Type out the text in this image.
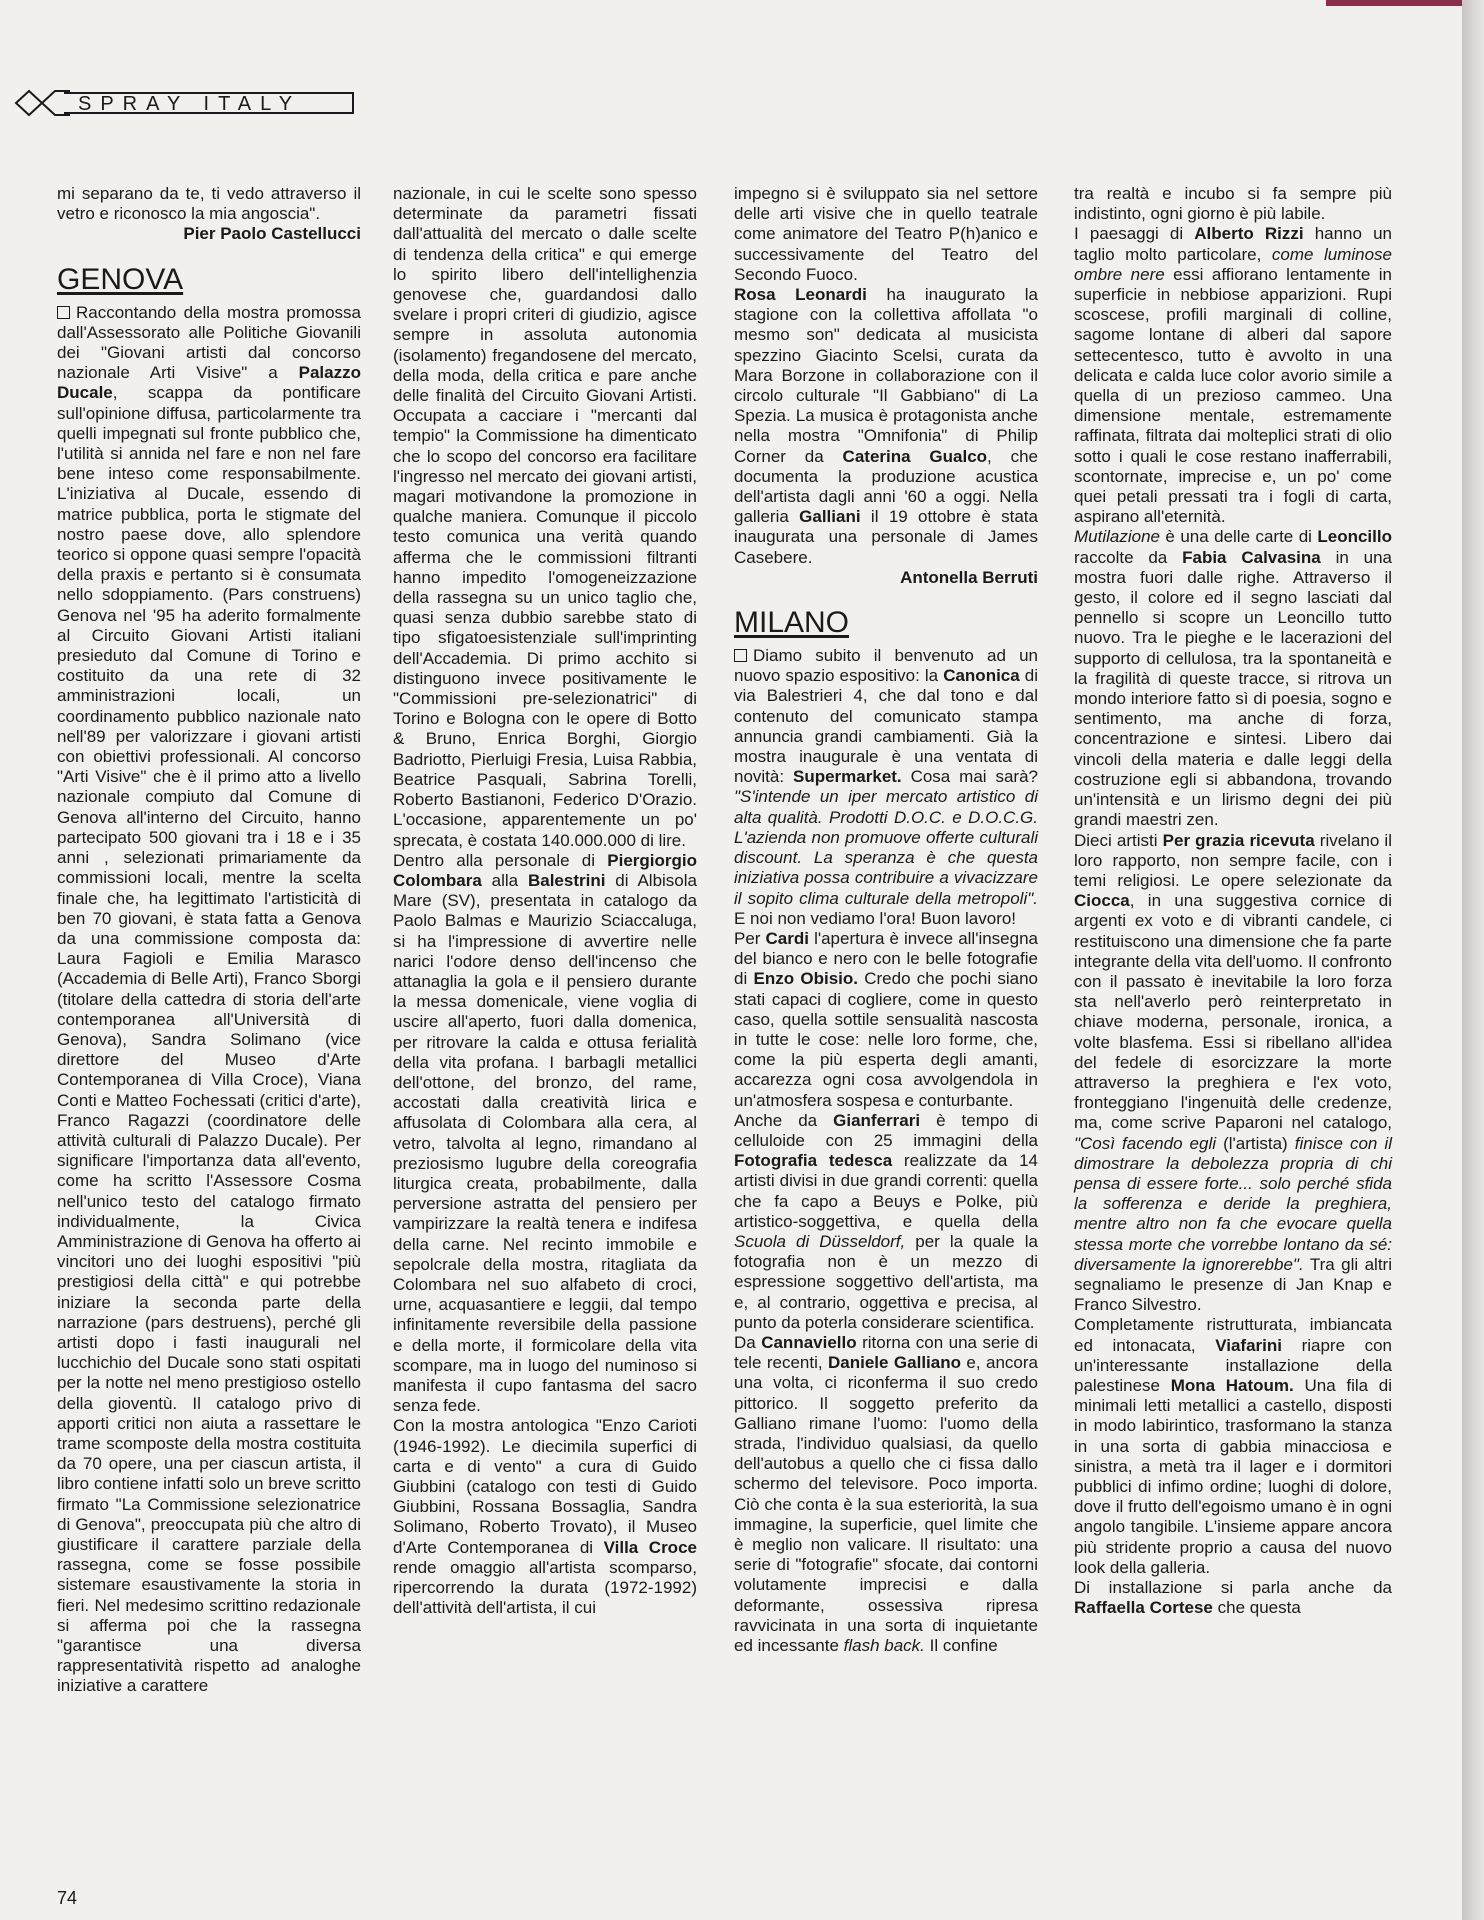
SPRAY ITALY

mi separano da te, ti vedo attraverso il vetro e riconosco la mia angoscia".

Pier Paolo Castellucci

GENOVA

Raccontando della mostra promossa dall'Assessorato alle Politiche Giovanili dei "Giovani artisti dal concorso nazionale Arti Visive" a Palazzo Ducale, scappa da pontificare sull'opinione diffusa, particolarmente tra quelli impegnati sul fronte pubblico che, l'utilità si annida nel fare e non nel fare bene inteso come responsabilmente. L'iniziativa al Ducale, essendo di matrice pubblica, porta le stigmate del nostro paese dove, allo splendore teorico si oppone quasi sempre l'opacità della praxis e pertanto si è consumata nello sdoppiamento. (Pars construens) Genova nel '95 ha aderito formalmente al Circuito Giovani Artisti italiani presieduto dal Comune di Torino e costituito da una rete di 32 amministrazioni locali, un coordinamento pubblico nazionale nato nell'89 per valorizzare i giovani artisti con obiettivi professionali. Al concorso "Arti Visive" che è il primo atto a livello nazionale compiuto dal Comune di Genova all'interno del Circuito, hanno partecipato 500 giovani tra i 18 e i 35 anni , selezionati primariamente da commissioni locali, mentre la scelta finale che, ha legittimato l'artisticità di ben 70 giovani, è stata fatta a Genova da una commissione composta da: Laura Fagioli e Emilia Marasco (Accademia di Belle Arti), Franco Sborgi (titolare della cattedra di storia dell'arte contemporanea all'Università di Genova), Sandra Solimano (vice direttore del Museo d'Arte Contemporanea di Villa Croce), Viana Conti e Matteo Fochessati (critici d'arte), Franco Ragazzi (coordinatore delle attività culturali di Palazzo Ducale). Per significare l'importanza data all'evento, come ha scritto l'Assessore Cosma nell'unico testo del catalogo firmato individualmente, la Civica Amministrazione di Genova ha offerto ai vincitori uno dei luoghi espositivi "più prestigiosi della città" e qui potrebbe iniziare la seconda parte della narrazione (pars destruens), perché gli artisti dopo i fasti inaugurali nel lucchichio del Ducale sono stati ospitati per la notte nel meno prestigioso ostello della gioventù. Il catalogo privo di apporti critici non aiuta a rassettare le trame scomposte della mostra costituita da 70 opere, una per ciascun artista, il libro contiene infatti solo un breve scritto firmato "La Commissione selezionatrice di Genova", preoccupata più che altro di giustificare il carattere parziale della rassegna, come se fosse possibile sistemare esaustivamente la storia in fieri. Nel medesimo scrittino redazionale si afferma poi che la rassegna "garantisce una diversa rappresentatività rispetto ad analoghe iniziative a carattere

nazionale, in cui le scelte sono spesso determinate da parametri fissati dall'attualità del mercato o dalle scelte di tendenza della critica" e qui emerge lo spirito libero dell'intellighenzia genovese che, guardandosi dallo svelare i propri criteri di giudizio, agisce sempre in assoluta autonomia (isolamento) fregandosene del mercato, della moda, della critica e pare anche delle finalità del Circuito Giovani Artisti. Occupata a cacciare i "mercanti dal tempio" la Commissione ha dimenticato che lo scopo del concorso era facilitare l'ingresso nel mercato dei giovani artisti, magari motivandone la promozione in qualche maniera. Comunque il piccolo testo comunica una verità quando afferma che le commissioni filtranti hanno impedito l'omogeneizzazione della rassegna su un unico taglio che, quasi senza dubbio sarebbe stato di tipo sfigatoesistenziale sull'imprinting dell'Accademia. Di primo acchito si distinguono invece positivamente le "Commissioni pre-selezionatrici" di Torino e Bologna con le opere di Botto & Bruno, Enrica Borghi, Giorgio Badriotto, Pierluigi Fresia, Luisa Rabbia, Beatrice Pasquali, Sabrina Torelli, Roberto Bastianoni, Federico D'Orazio. L'occasione, apparentemente un po' sprecata, è costata 140.000.000 di lire.

Dentro alla personale di Piergiorgio Colombara alla Balestrini di Albisola Mare (SV), presentata in catalogo da Paolo Balmas e Maurizio Sciaccaluga, si ha l'impressione di avvertire nelle narici l'odore denso dell'incenso che attanaglia la gola e il pensiero durante la messa domenicale, viene voglia di uscire all'aperto, fuori dalla domenica, per ritrovare la calda e ottusa ferialità della vita profana. I barbagli metallici dell'ottone, del bronzo, del rame, accostati dalla creatività lirica e affusolata di Colombara alla cera, al vetro, talvolta al legno, rimandano al preziosismo lugubre della coreografia liturgica creata, probabilmente, dalla perversione astratta del pensiero per vampirizzare la realtà tenera e indifesa della carne. Nel recinto immobile e sepolcrale della mostra, ritagliata da Colombara nel suo alfabeto di croci, urne, acquasantiere e leggii, dal tempo infinitamente reversibile della passione e della morte, il formicolare della vita scompare, ma in luogo del numinoso si manifesta il cupo fantasma del sacro senza fede.

Con la mostra antologica "Enzo Carioti (1946-1992). Le diecimila superfici di carta e di vento" a cura di Guido Giubbini (catalogo con testi di Guido Giubbini, Rossana Bossaglia, Sandra Solimano, Roberto Trovato), il Museo d'Arte Contemporanea di Villa Croce rende omaggio all'artista scomparso, ripercorrendo la durata (1972-1992) dell'attività dell'artista, il cui

impegno si è sviluppato sia nel settore delle arti visive che in quello teatrale come animatore del Teatro P(h)anico e successivamente del Teatro del Secondo Fuoco.

Rosa Leonardi ha inaugurato la stagione con la collettiva affollata "o mesmo son" dedicata al musicista spezzino Giacinto Scelsi, curata da Mara Borzone in collaborazione con il circolo culturale "Il Gabbiano" di La Spezia. La musica è protagonista anche nella mostra "Omnifonia" di Philip Corner da Caterina Gualco, che documenta la produzione acustica dell'artista dagli anni '60 a oggi. Nella galleria Galliani il 19 ottobre è stata inaugurata una personale di James Casebere.

Antonella Berruti

MILANO

Diamo subito il benvenuto ad un nuovo spazio espositivo: la Canonica di via Balestrieri 4, che dal tono e dal contenuto del comunicato stampa annuncia grandi cambiamenti. Già la mostra inaugurale è una ventata di novità: Supermarket. Cosa mai sarà? "S'intende un iper mercato artistico di alta qualità. Prodotti D.O.C. e D.O.C.G. L'azienda non promuove offerte culturali discount. La speranza è che questa iniziativa possa contribuire a vivacizzare il sopito clima culturale della metropoli". E noi non vediamo l'ora! Buon lavoro!

Per Cardi l'apertura è invece all'insegna del bianco e nero con le belle fotografie di Enzo Obisio. Credo che pochi siano stati capaci di cogliere, come in questo caso, quella sottile sensualità nascosta in tutte le cose: nelle loro forme, che, come la più esperta degli amanti, accarezza ogni cosa avvolgendola in un'atmosfera sospesa e conturbante.

Anche da Gianferrari è tempo di celluloide con 25 immagini della Fotografia tedesca realizzate da 14 artisti divisi in due grandi correnti: quella che fa capo a Beuys e Polke, più artistico-soggettiva, e quella della Scuola di Düsseldorf, per la quale la fotografia non è un mezzo di espressione soggettivo dell'artista, ma e, al contrario, oggettiva e precisa, al punto da poterla considerare scientifica.

Da Cannaviello ritorna con una serie di tele recenti, Daniele Galliano e, ancora una volta, ci riconferma il suo credo pittorico. Il soggetto preferito da Galliano rimane l'uomo: l'uomo della strada, l'individuo qualsiasi, da quello dell'autobus a quello che ci fissa dallo schermo del televisore. Poco importa. Ciò che conta è la sua esteriorità, la sua immagine, la superficie, quel limite che è meglio non valicare. Il risultato: una serie di "fotografie" sfocate, dai contorni volutamente imprecisi e dalla deformante, ossessiva ripresa ravvicinata in una sorta di inquietante ed incessante flash back. Il confine

tra realtà e incubo si fa sempre più indistinto, ogni giorno è più labile.

I paesaggi di Alberto Rizzi hanno un taglio molto particolare, come luminose ombre nere essi affiorano lentamente in superficie in nebbiose apparizioni. Rupi scoscese, profili marginali di colline, sagome lontane di alberi dal sapore settecentesco, tutto è avvolto in una delicata e calda luce color avorio simile a quella di un prezioso cammeo. Una dimensione mentale, estremamente raffinata, filtrata dai molteplici strati di olio sotto i quali le cose restano inafferrabili, scontornate, imprecise e, un po' come quei petali pressati tra i fogli di carta, aspirano all'eternità.

Mutilazione è una delle carte di Leoncillo raccolte da Fabia Calvasina in una mostra fuori dalle righe. Attraverso il gesto, il colore ed il segno lasciati dal pennello si scopre un Leoncillo tutto nuovo. Tra le pieghe e le lacerazioni del supporto di cellulosa, tra la spontaneità e la fragilità di queste tracce, si ritrova un mondo interiore fatto sì di poesia, sogno e sentimento, ma anche di forza, concentrazione e sintesi. Libero dai vincoli della materia e dalle leggi della costruzione egli si abbandona, trovando un'intensità e un lirismo degni dei più grandi maestri zen.

Dieci artisti Per grazia ricevuta rivelano il loro rapporto, non sempre facile, con i temi religiosi. Le opere selezionate da Ciocca, in una suggestiva cornice di argenti ex voto e di vibranti candele, ci restituiscono una dimensione che fa parte integrante della vita dell'uomo. Il confronto con il passato è inevitabile la loro forza sta nell'averlo però reinterpretato in chiave moderna, personale, ironica, a volte blasfema. Essi si ribellano all'idea del fedele di esorcizzare la morte attraverso la preghiera e l'ex voto, fronteggiano l'ingenuità delle credenze, ma, come scrive Paparoni nel catalogo, "Così facendo egli (l'artista) finisce con il dimostrare la debolezza propria di chi pensa di essere forte... solo perché sfida la sofferenza e deride la preghiera, mentre altro non fa che evocare quella stessa morte che vorrebbe lontano da sé: diversamente la ignorerebbe". Tra gli altri segnaliamo le presenze di Jan Knap e Franco Silvestro.

Completamente ristrutturata, imbiancata ed intonacata, Viafarini riapre con un'interessante installazione della palestinese Mona Hatoum. Una fila di minimali letti metallici a castello, disposti in modo labirintico, trasformano la stanza in una sorta di gabbia minacciosa e sinistra, a metà tra il lager e i dormitori pubblici di infimo ordine; luoghi di dolore, dove il frutto dell'egoismo umano è in ogni angolo tangibile. L'insieme appare ancora più stridente proprio a causa del nuovo look della galleria.

Di installazione si parla anche da Raffaella Cortese che questa

74
